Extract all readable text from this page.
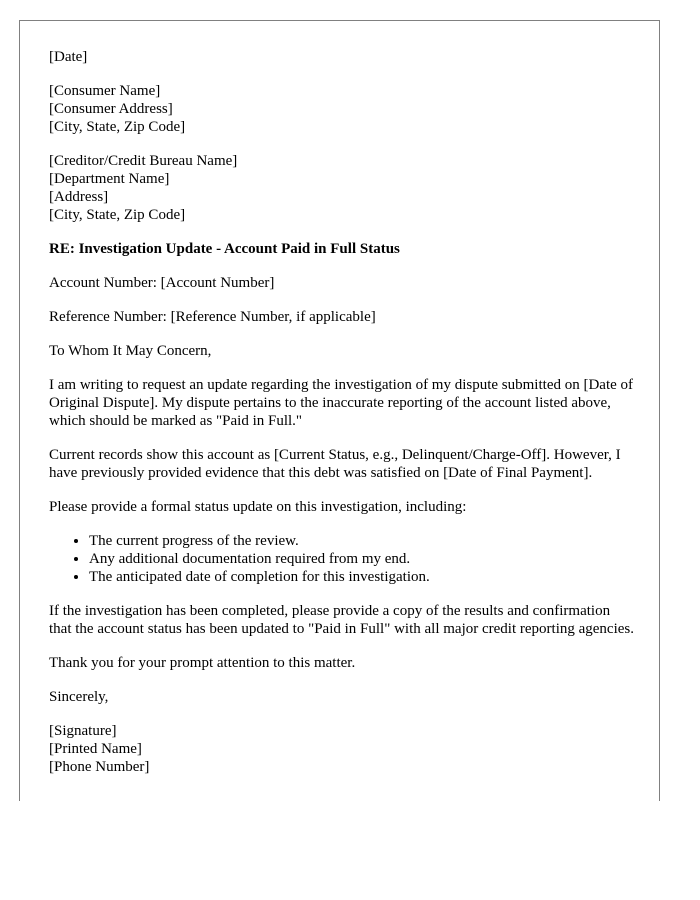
[Date]
[Consumer Name]
[Consumer Address]
[City, State, Zip Code]
[Creditor/Credit Bureau Name]
[Department Name]
[Address]
[City, State, Zip Code]

RE: Investigation Update - Account Paid in Full Status

Account Number: [Account Number]

Reference Number: [Reference Number, if applicable]

To Whom It May Concern,

I am writing to request an update regarding the investigation of my dispute submitted on [Date of Original Dispute]. My dispute pertains to the inaccurate reporting of the account listed above, which should be marked as "Paid in Full."

Current records show this account as [Current Status, e.g., Delinquent/Charge-Off]. However, I have previously provided evidence that this debt was satisfied on [Date of Final Payment].

Please provide a formal status update on this investigation, including:

• The current progress of the review.
• Any additional documentation required from my end.
• The anticipated date of completion for this investigation.

If the investigation has been completed, please provide a copy of the results and confirmation that the account status has been updated to "Paid in Full" with all major credit reporting agencies.

Thank you for your prompt attention to this matter.

Sincerely,

[Signature]
[Printed Name]
[Phone Number]
